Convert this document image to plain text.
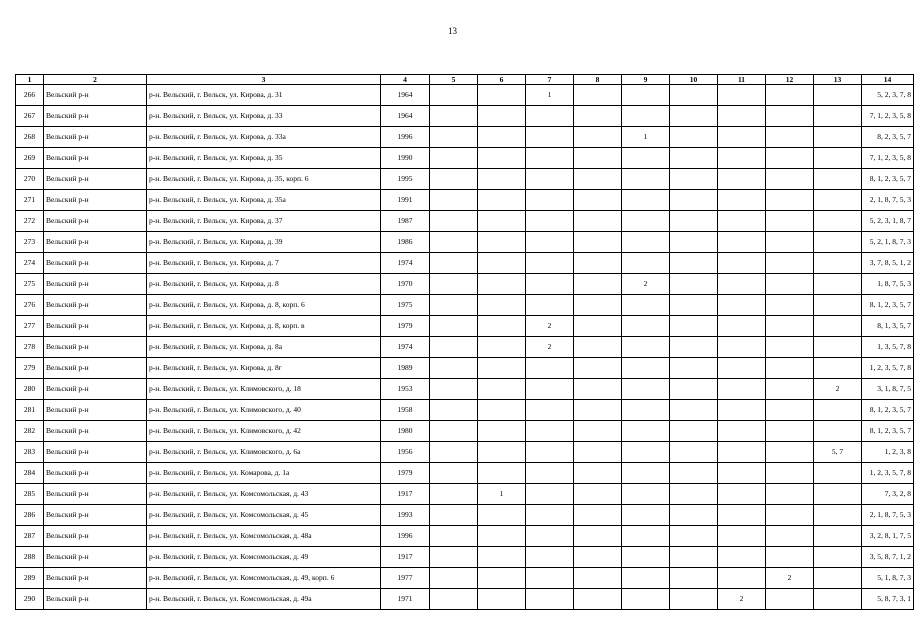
13
1	2	3	4	5	6	7	8	9	10	11	12	13	14
266	Вельский р-н	р-н. Вельский, г. Вельск, ул. Кирова, д. 31	1964			1							5, 2, 3, 7, 8
267	Вельский р-н	р-н. Вельский, г. Вельск, ул. Кирова, д. 33	1964										7, 1, 2, 3, 5, 8
268	Вельский р-н	р-н. Вельский, г. Вельск, ул. Кирова, д. 33а	1996					1					8, 2, 3, 5, 7
269	Вельский р-н	р-н. Вельский, г. Вельск, ул. Кирова, д. 35	1990										7, 1, 2, 3, 5, 8
270	Вельский р-н	р-н. Вельский, г. Вельск, ул. Кирова, д. 35, корп. 6	1995										8, 1, 2, 3, 5, 7
271	Вельский р-н	р-н. Вельский, г. Вельск, ул. Кирова, д. 35а	1991										2, 1, 8, 7, 5, 3
272	Вельский р-н	р-н. Вельский, г. Вельск, ул. Кирова, д. 37	1987										5, 2, 3, 1, 8, 7
273	Вельский р-н	р-н. Вельский, г. Вельск, ул. Кирова, д. 39	1986										5, 2, 1, 8, 7, 3
274	Вельский р-н	р-н. Вельский, г. Вельск, ул. Кирова, д. 7	1974										3, 7, 8, 5, 1, 2
275	Вельский р-н	р-н. Вельский, г. Вельск, ул. Кирова, д. 8	1970					2					1, 8, 7, 5, 3
276	Вельский р-н	р-н. Вельский, г. Вельск, ул. Кирова, д. 8, корп. 6	1975										8, 1, 2, 3, 5, 7
277	Вельский р-н	р-н. Вельский, г. Вельск, ул. Кирова, д. 8, корп. в	1979			2							8, 1, 3, 5, 7
278	Вельский р-н	р-н. Вельский, г. Вельск, ул. Кирова, д. 8а	1974			2							1, 3, 5, 7, 8
279	Вельский р-н	р-н. Вельский, г. Вельск, ул. Кирова, д. 8г	1989										1, 2, 3, 5, 7, 8
280	Вельский р-н	р-н. Вельский, г. Вельск, ул. Климовского, д. 18	1953									2	3, 1, 8, 7, 5
281	Вельский р-н	р-н. Вельский, г. Вельск, ул. Климовского, д. 40	1958										8, 1, 2, 3, 5, 7
282	Вельский р-н	р-н. Вельский, г. Вельск, ул. Климовского, д. 42	1980										8, 1, 2, 3, 5, 7
283	Вельский р-н	р-н. Вельский, г. Вельск, ул. Климовского, д. 6а	1956									5, 7	1, 2, 3, 8
284	Вельский р-н	р-н. Вельский, г. Вельск, ул. Комарова, д. 1а	1979										1, 2, 3, 5, 7, 8
285	Вельский р-н	р-н. Вельский, г. Вельск, ул. Комсомольская, д. 43	1917		1								7, 3, 2, 8
286	Вельский р-н	р-н. Вельский, г. Вельск, ул. Комсомольская, д. 45	1993										2, 1, 8, 7, 5, 3
287	Вельский р-н	р-н. Вельский, г. Вельск, ул. Комсомольская, д. 48а	1996										3, 2, 8, 1, 7, 5
288	Вельский р-н	р-н. Вельский, г. Вельск, ул. Комсомольская, д. 49	1917										3, 5, 8, 7, 1, 2
289	Вельский р-н	р-н. Вельский, г. Вельск, ул. Комсомольская, д. 49, корп. 6	1977								2		5, 1, 8, 7, 3
290	Вельский р-н	р-н. Вельский, г. Вельск, ул. Комсомольская, д. 49а	1971							2			5, 8, 7, 3, 1
